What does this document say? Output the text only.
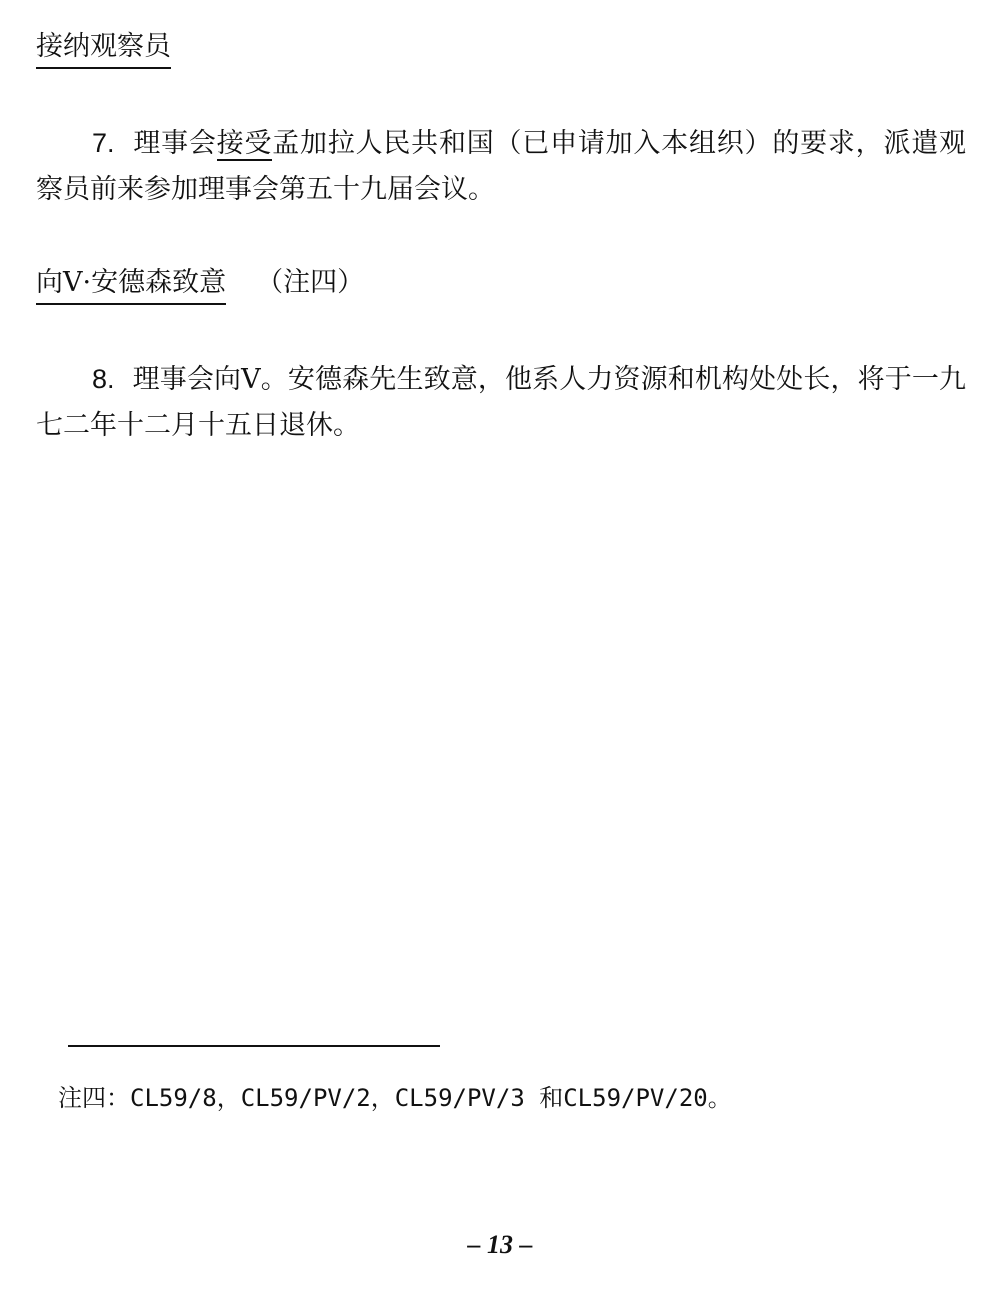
接纳观察员
7. 理事会接受孟加拉人民共和国（已申请加入本组织）的要求，派遣观察员前来参加理事会第五十九届会议。
向V·安德森致意 （注四）
8. 理事会向V。安德森先生致意，他系人力资源和机构处处长，将于一九七二年十二月十五日退休。
注四：CL59/8，CL59/PV/2，CL59/PV/3 和CL59/PV/20。
– 13 –
